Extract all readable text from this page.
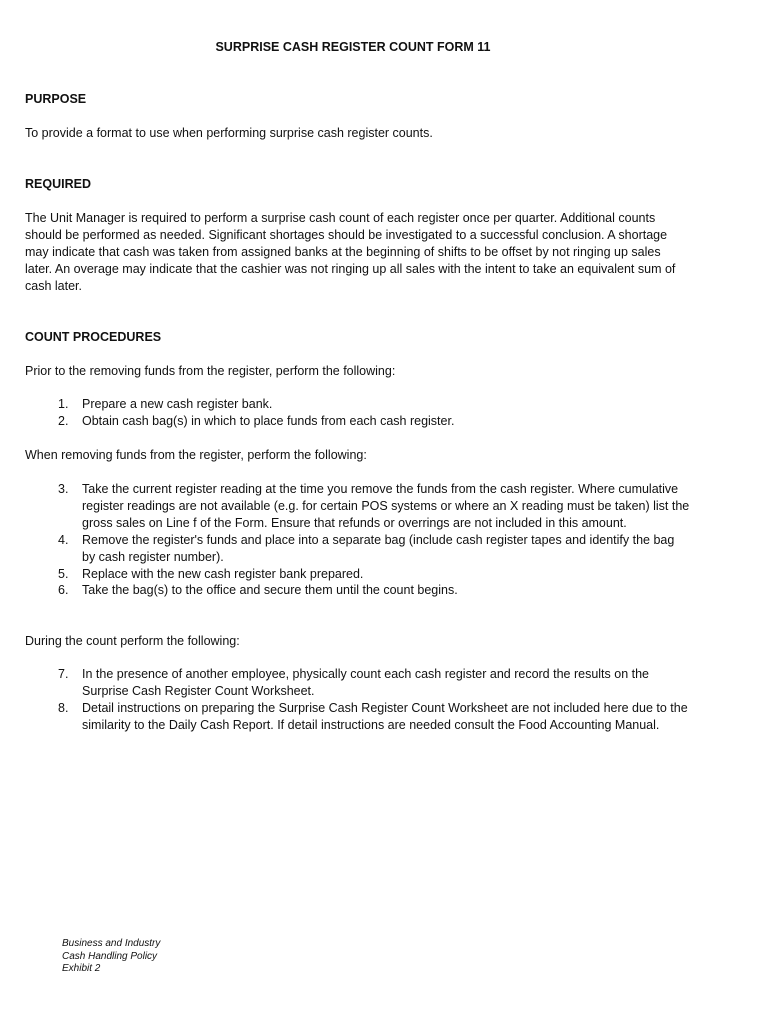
SURPRISE CASH REGISTER COUNT FORM 11
PURPOSE

To provide a format to use when performing surprise cash register counts.

REQUIRED

The Unit Manager is required to perform a surprise cash count of each register once per quarter. Additional counts should be performed as needed. Significant shortages should be investigated to a successful conclusion. A shortage may indicate that cash was taken from assigned banks at the beginning of shifts to be offset by not ringing up sales later. An overage may indicate that the cashier was not ringing up all sales with the intent to take an equivalent sum of cash later.

COUNT PROCEDURES

Prior to the removing funds from the register, perform the following:

1. Prepare a new cash register bank.
2. Obtain cash bag(s) in which to place funds from each cash register.

When removing funds from the register, perform the following:

3. Take the current register reading at the time you remove the funds from the cash register. Where cumulative register readings are not available (e.g. for certain POS systems or where an X reading must be taken) list the gross sales on Line f of the Form. Ensure that refunds or overrings are not included in this amount.
4. Remove the register's funds and place into a separate bag (include cash register tapes and identify the bag by cash register number).
5. Replace with the new cash register bank prepared.
6. Take the bag(s) to the office and secure them until the count begins.

During the count perform the following:

7. In the presence of another employee, physically count each cash register and record the results on the Surprise Cash Register Count Worksheet.
8. Detail instructions on preparing the Surprise Cash Register Count Worksheet are not included here due to the similarity to the Daily Cash Report. If detail instructions are needed consult the Food Accounting Manual.
Business and Industry
Cash Handling Policy
Exhibit 2
